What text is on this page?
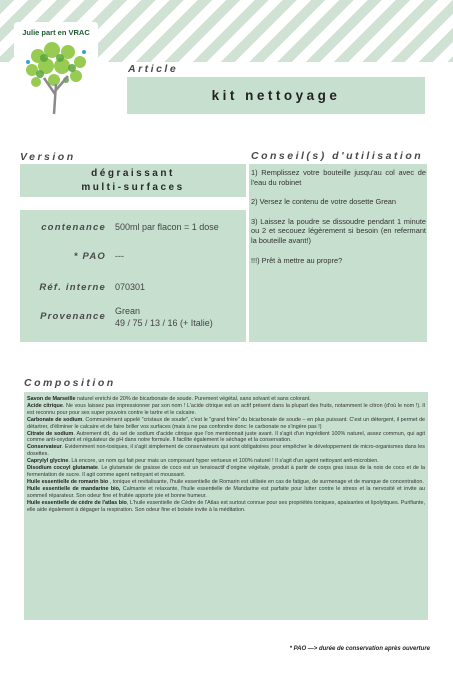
Julie part en VRAC
Article
kit nettoyage
Version	Conseil(s) d'utilisation
dégraissant
multi-surfaces
contenance 500ml par flacon = 1 dose
* PAO ---
Réf. interne 070301
Provenance Grean
49 / 75 / 13 / 16 (+ Italie)

1) Remplissez votre bouteille jusqu'au col avec de l'eau du robinet

2) Versez le contenu de votre dosette Grean

3) Laissez la poudre se dissoudre pendant 1 minute ou 2 et secouez légèrement si besoin (en refermant la bouteille avant!)

!!!) Prêt à mettre au propre?

Composition

Savon de Marseille naturel enrichi de 20% de bicarbonate de soude. Purement végétal, sans solvant et sans colorant.

Acide citrique. Ne vous laissez pas impressionner par son nom ! L'acide citrique est un actif présent dans la plupart des fruits, notamment le citron (d'où le nom !). Il est reconnu pour pour ses super pouvoirs contre le tartre et le calcaire.

Carbonate de sodium. Communément appelé "cristaux de soude", c'est le "grand frère" du bicarbonate de soude – en plus puissant. C'est un détergent, il permet de détartrer, d'éliminer le calcaire et de faire briller vos surfaces (mais à ne pas confondre donc: le carbonate ne s'ingère pas !)

Citrate de sodium. Autrement dit, du sel de sodium d'acide citrique que l'on mentionnait juste avant. Il s'agit d'un ingrédient 100% naturel, assez commun, qui agit comme anti-oxydant et régulateur de pH dans notre formule. Il facilite également le séchage et la conservation.

Conservateur. Evidemment non-toxiques, il s'agit simplement de conservateurs qui sont obligatoires pour empêcher le développement de micro-organismes dans les dosettes.

Caprylyl glycine. Là encore, un nom qui fait peur mais un composant hyper vertueux et 100% naturel ! Il s'agit d'un agent nettoyant anti-microbien.

Disodium cocoyl glutamate. Le glutamate de graisse de coco est un tensioactif d'origine végétale, produit à partir de corps gras issus de la noix de coco et de la fermentation de sucre. Il agit comme agent nettoyant et moussant.

Huile essentielle de romarin bio , tonique et revitalisante, l'huile essentielle de Romarin est utilisée en cas de fatigue, de surmenage et de manque de concentration.

Huile essentielle de mandarine bio, Calmante et relaxante, l'huile essentielle de Mandarine est parfaite pour lutter contre le stress et la nervosité et invite au sommeil réparateur. Son odeur fine et fruitée apporte joie et bonne humeur.

Huile essentielle de cèdre de l'atlas bio, L'huile essentielle de Cèdre de l'Atlas est surtout connue pour ses propriétés toniques, apaisantes et lipolytiques. Purifiante, elle aide également à dégager la respiration. Son odeur fine et boisée invite à la méditation.

* PAO —> durée de conservation après ouverture
